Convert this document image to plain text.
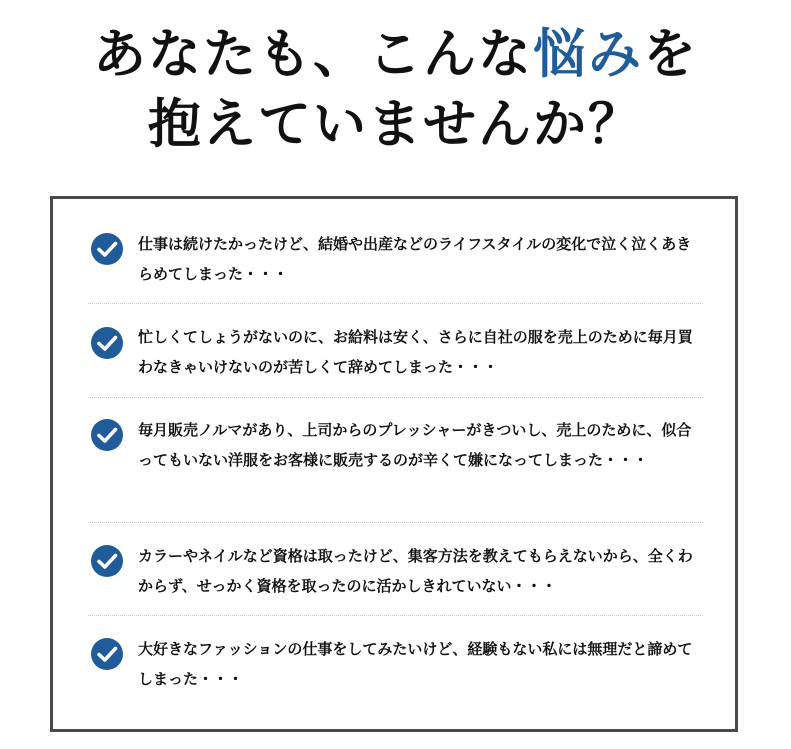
あなたも、こんな悩みを
抱えていませんか？

仕事は続けたかったけど、結婚や出産などのライフスタイルの変化で泣く泣くあきらめてしまった・・・

忙しくてしょうがないのに、お給料は安く、さらに自社の服を売上のために毎月買わなきゃいけないのが苦しくて辞めてしまった・・・

毎月販売ノルマがあり、上司からのプレッシャーがきついし、売上のために、似合ってもいない洋服をお客様に販売するのが辛くて嫌になってしまった・・・

カラーやネイルなど資格は取ったけど、集客方法を教えてもらえないから、全くわからず、せっかく資格を取ったのに活かしきれていない・・・

大好きなファッションの仕事をしてみたいけど、経験もない私には無理だと諦めてしまった・・・
